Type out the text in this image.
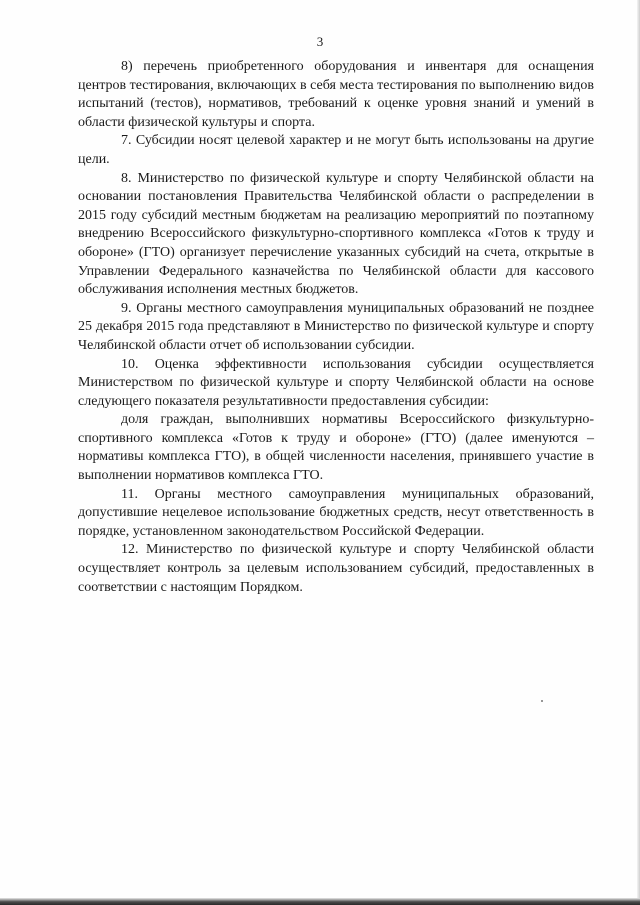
3

8) перечень приобретенного оборудования и инвентаря для оснащения центров тестирования, включающих в себя места тестирования по выполнению видов испытаний (тестов), нормативов, требований к оценке уровня знаний и умений в области физической культуры и спорта.

7. Субсидии носят целевой характер и не могут быть использованы на другие цели.

8. Министерство по физической культуре и спорту Челябинской области на основании постановления Правительства Челябинской области о распределении в 2015 году субсидий местным бюджетам на реализацию мероприятий по поэтапному внедрению Всероссийского физкультурно-спортивного комплекса «Готов к труду и обороне» (ГТО) организует перечисление указанных субсидий на счета, открытые в Управлении Федерального казначейства по Челябинской области для кассового обслуживания исполнения местных бюджетов.

9. Органы местного самоуправления муниципальных образований не позднее 25 декабря 2015 года представляют в Министерство по физической культуре и спорту Челябинской области отчет об использовании субсидии.

10. Оценка эффективности использования субсидии осуществляется Министерством по физической культуре и спорту Челябинской области на основе следующего показателя результативности предоставления субсидии:

доля граждан, выполнивших нормативы Всероссийского физкультурно-спортивного комплекса «Готов к труду и обороне» (ГТО) (далее именуются – нормативы комплекса ГТО), в общей численности населения, принявшего участие в выполнении нормативов комплекса ГТО.

11. Органы местного самоуправления муниципальных образований, допустившие нецелевое использование бюджетных средств, несут ответственность в порядке, установленном законодательством Российской Федерации.

12. Министерство по физической культуре и спорту Челябинской области осуществляет контроль за целевым использованием субсидий, предоставленных в соответствии с настоящим Порядком.
